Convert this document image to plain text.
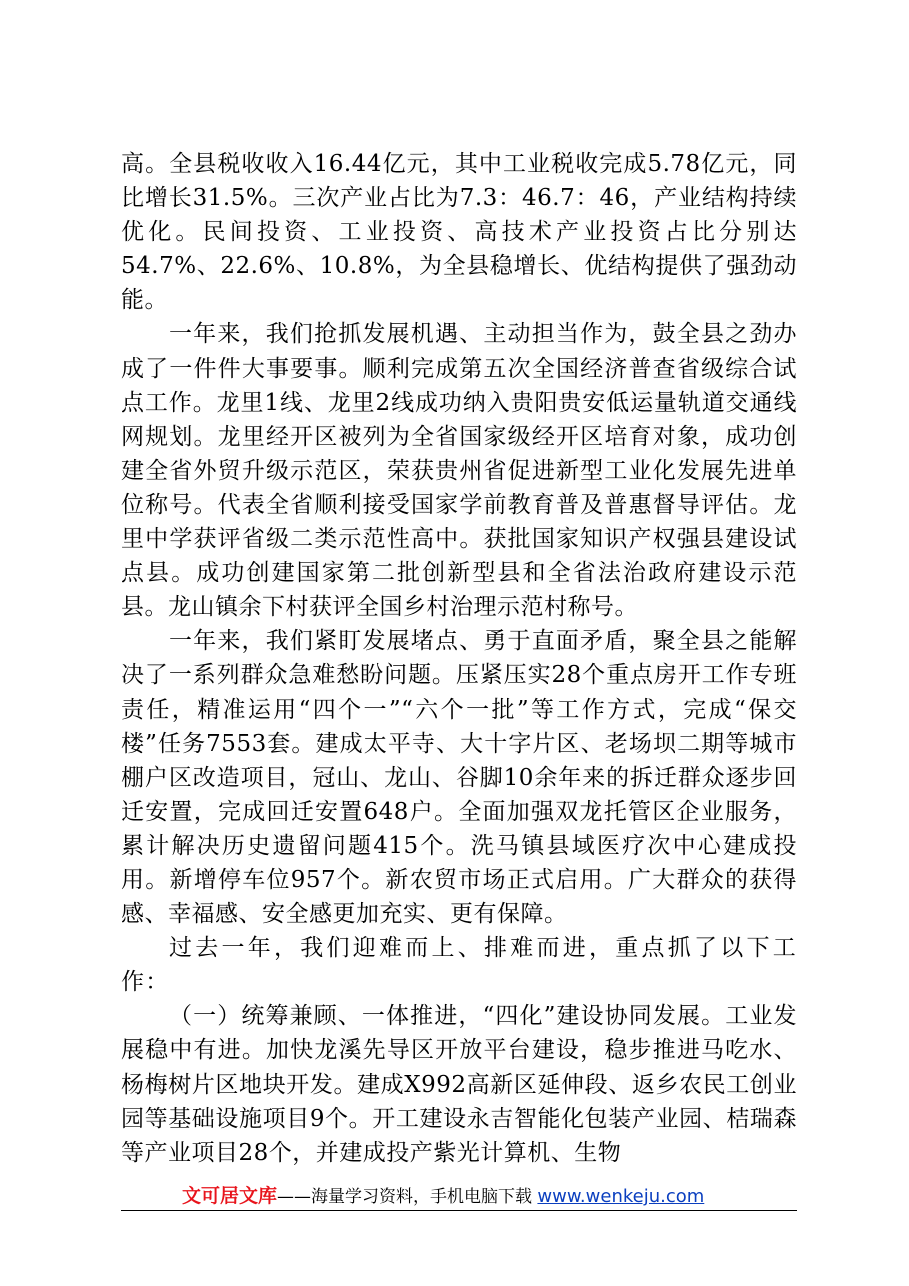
高。全县税收收入16.44亿元，其中工业税收完成5.78亿元，同比增长31.5%。三次产业占比为7.3：46.7：46，产业结构持续优化。民间投资、工业投资、高技术产业投资占比分别达54.7%、22.6%、10.8%，为全县稳增长、优结构提供了强劲动能。

一年来，我们抢抓发展机遇、主动担当作为，鼓全县之劲办成了一件件大事要事。顺利完成第五次全国经济普查省级综合试点工作。龙里1线、龙里2线成功纳入贵阳贵安低运量轨道交通线网规划。龙里经开区被列为全省国家级经开区培育对象，成功创建全省外贸升级示范区，荣获贵州省促进新型工业化发展先进单位称号。代表全省顺利接受国家学前教育普及普惠督导评估。龙里中学获评省级二类示范性高中。获批国家知识产权强县建设试点县。成功创建国家第二批创新型县和全省法治政府建设示范县。龙山镇余下村获评全国乡村治理示范村称号。

一年来，我们紧盯发展堵点、勇于直面矛盾，聚全县之能解决了一系列群众急难愁盼问题。压紧压实28个重点房开工作专班责任，精准运用“四个一”“六个一批”等工作方式，完成“保交楼”任务7553套。建成太平寺、大十字片区、老场坝二期等城市棚户区改造项目，冠山、龙山、谷脚10余年来的拆迁群众逐步回迁安置，完成回迁安置648户。全面加强双龙托管区企业服务，累计解决历史遗留问题415个。洗马镇县域医疗次中心建成投用。新增停车位957个。新农贸市场正式启用。广大群众的获得感、幸福感、安全感更加充实、更有保障。

过去一年，我们迎难而上、排难而进，重点抓了以下工作：

（一）统筹兼顾、一体推进，“四化”建设协同发展。工业发展稳中有进。加快龙溪先导区开放平台建设，稳步推进马吃水、杨梅树片区地块开发。建成X992高新区延伸段、返乡农民工创业园等基础设施项目9个。开工建设永吉智能化包装产业园、桔瑞森等产业项目28个，并建成投产紫光计算机、生物

文可居文库——海量学习资料，手机电脑下载 www.wenkeju.com
